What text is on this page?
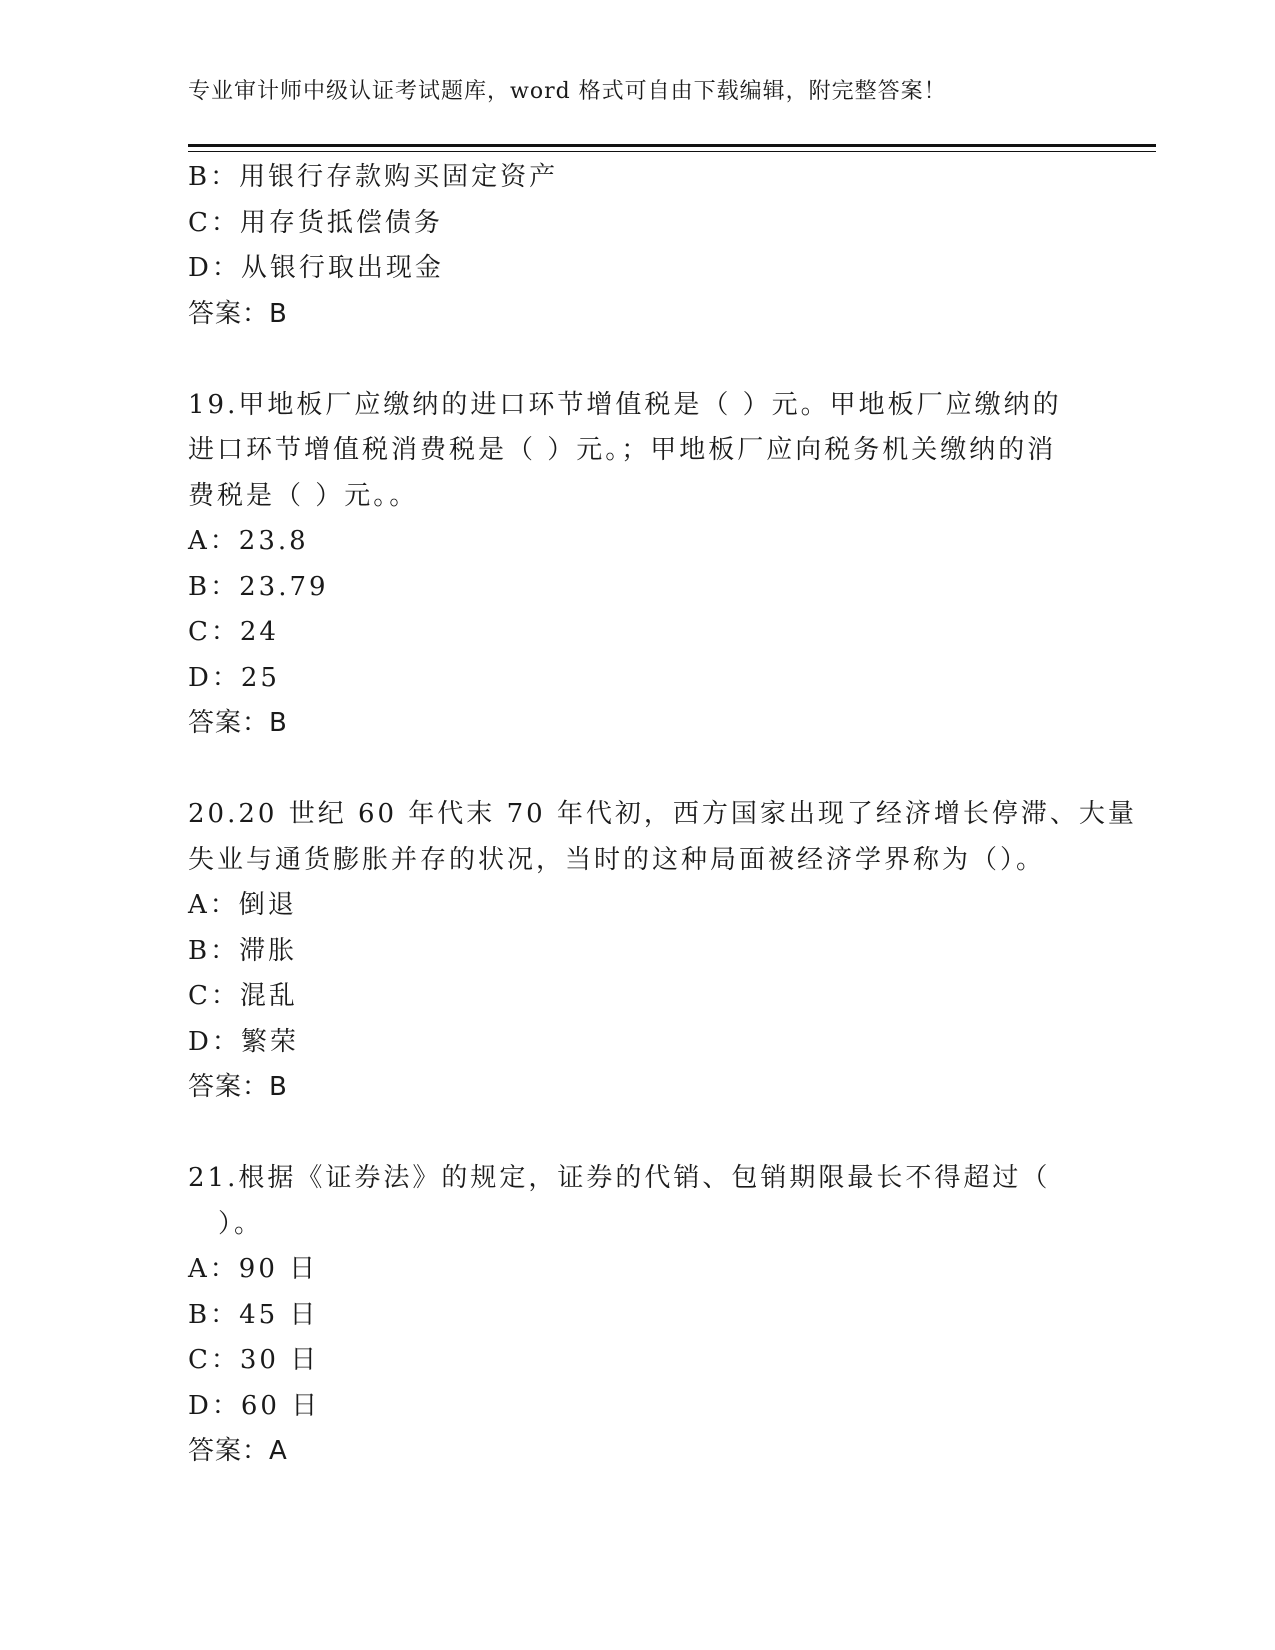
专业审计师中级认证考试题库，word 格式可自由下载编辑，附完整答案！
B：用银行存款购买固定资产
C：用存货抵偿债务
D：从银行取出现金
答案：B
19.甲地板厂应缴纳的进口环节增值税是（ ）元。甲地板厂应缴纳的
进口环节增值税消费税是（ ）元。；甲地板厂应向税务机关缴纳的消
费税是（ ）元。。
A：23.8
B：23.79
C：24
D：25
答案：B
20.20 世纪 60 年代末 70 年代初，西方国家出现了经济增长停滞、大量
失业与通货膨胀并存的状况，当时的这种局面被经济学界称为（）。
A：倒退
B：滞胀
C：混乱
D：繁荣
答案：B
21.根据《证券法》的规定，证券的代销、包销期限最长不得超过（
）。
A：90 日
B：45 日
C：30 日
D：60 日
答案：A
